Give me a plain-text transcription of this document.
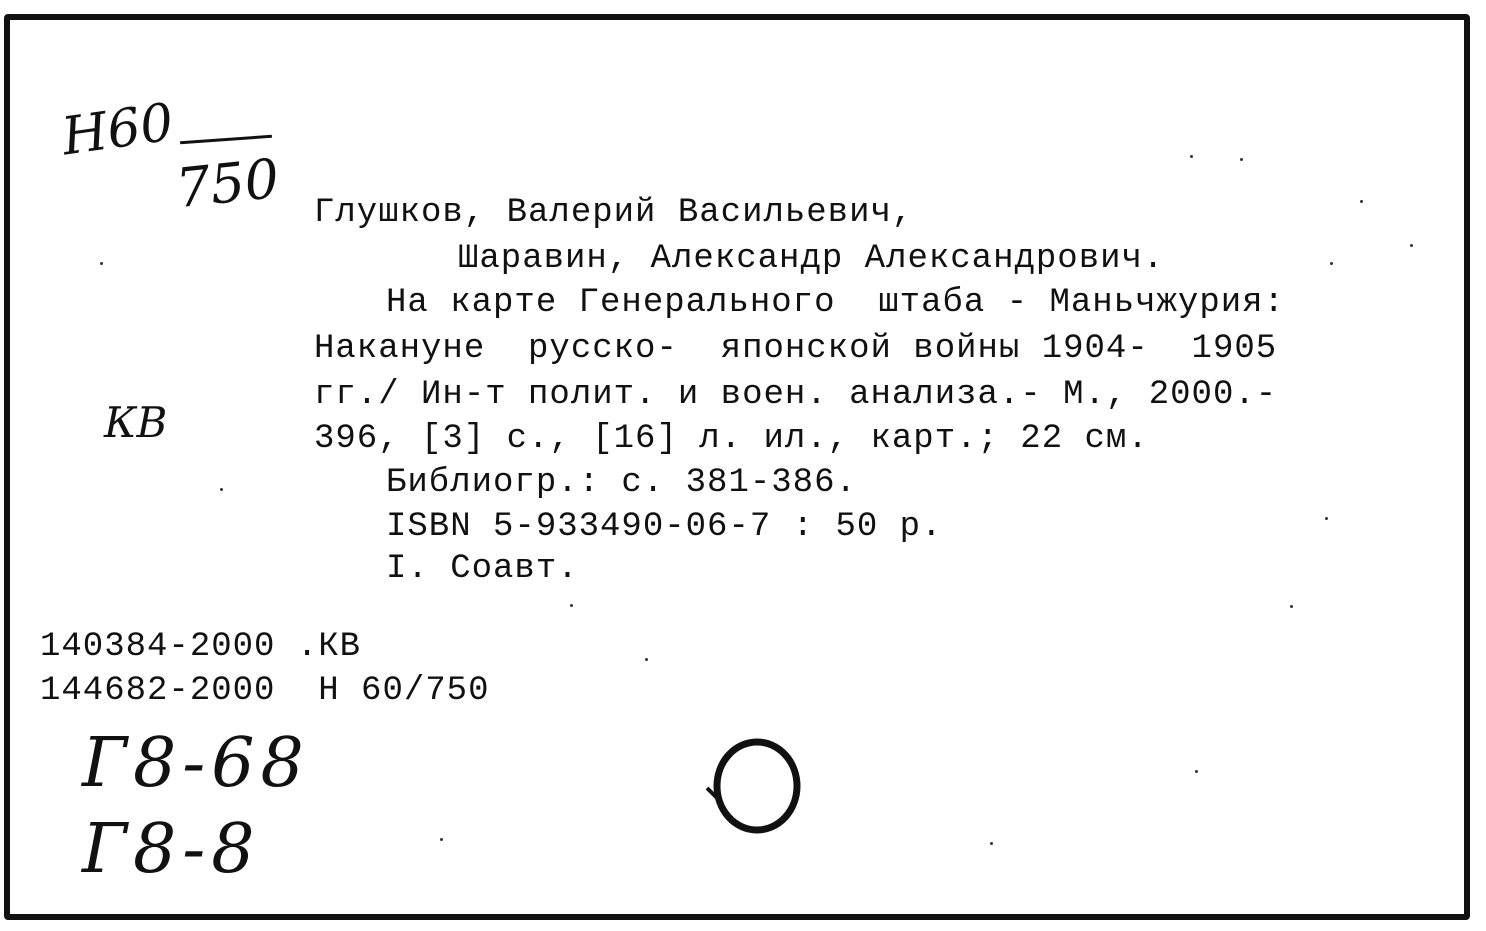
Н60
750
КВ
Глушков, Валерий Васильевич,
Шаравин, Александр Александрович.
На карте Генерального  штаба - Маньчжурия:
Накануне  русско-  японской войны 1904-  1905
гг./ Ин-т полит. и воен. анализа.- М., 2000.-
396, [3] с., [16] л. ил., карт.; 22 см.
Библиогр.: с. 381-386.
ISBN 5-933490-06-7 : 50 р.
I. Соавт.
140384-2000 .КВ
144682-2000  Н 60/750
Г8-68
Г8-8
